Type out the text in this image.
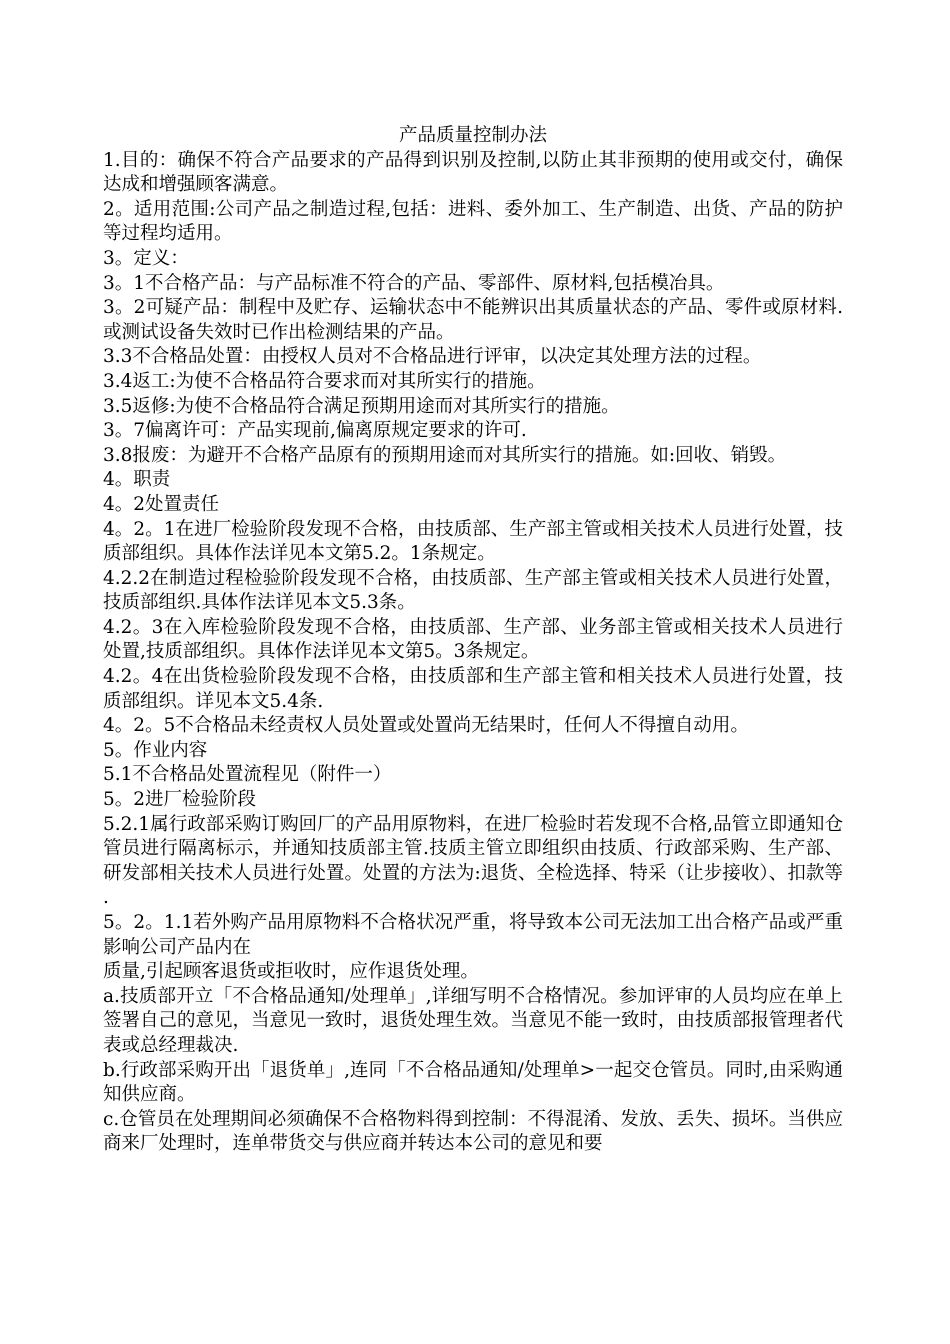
产品质量控制办法

1.目的：确保不符合产品要求的产品得到识别及控制,以防止其非预期的使用或交付，确保达成和增强顾客满意。

2。适用范围:公司产品之制造过程,包括：进料、委外加工、生产制造、出货、产品的防护等过程均适用。

3。定义：

3。1不合格产品：与产品标准不符合的产品、零部件、原材料,包括模冶具。

3。2可疑产品：制程中及贮存、运输状态中不能辨识出其质量状态的产品、零件或原材料.或测试设备失效时已作出检测结果的产品。

3.3不合格品处置：由授权人员对不合格品进行评审，以决定其处理方法的过程。

3.4返工:为使不合格品符合要求而对其所实行的措施。

3.5返修:为使不合格品符合满足预期用途而对其所实行的措施。

3。7偏离许可：产品实现前,偏离原规定要求的许可.

3.8报废：为避开不合格产品原有的预期用途而对其所实行的措施。如:回收、销毁。

4。职责

4。2处置责任

4。2。1在进厂检验阶段发现不合格，由技质部、生产部主管或相关技术人员进行处置，技质部组织。具体作法详见本文第5.2。1条规定。

4.2.2在制造过程检验阶段发现不合格，由技质部、生产部主管或相关技术人员进行处置，技质部组织.具体作法详见本文5.3条。

4.2。3在入库检验阶段发现不合格，由技质部、生产部、业务部主管或相关技术人员进行处置,技质部组织。具体作法详见本文第5。3条规定。

4.2。4在出货检验阶段发现不合格，由技质部和生产部主管和相关技术人员进行处置，技质部组织。详见本文5.4条.

4。2。5不合格品未经责权人员处置或处置尚无结果时，任何人不得擅自动用。

5。作业内容

5.1不合格品处置流程见（附件一）

5。2进厂检验阶段

5.2.1属行政部采购订购回厂的产品用原物料，在进厂检验时若发现不合格,品管立即通知仓管员进行隔离标示，并通知技质部主管.技质主管立即组织由技质、行政部采购、生产部、研发部相关技术人员进行处置。处置的方法为:退货、全检选择、特采（让步接收）、扣款等.

5。2。1.1若外购产品用原物料不合格状况严重，将导致本公司无法加工出合格产品或严重影响公司产品内在

质量,引起顾客退货或拒收时，应作退货处理。

a.技质部开立「不合格品通知/处理单」,详细写明不合格情况。参加评审的人员均应在单上签署自己的意见，当意见一致时，退货处理生效。当意见不能一致时，由技质部报管理者代表或总经理裁决.

b.行政部采购开出「退货单」,连同「不合格品通知/处理单>一起交仓管员。同时,由采购通知供应商。

c.仓管员在处理期间必须确保不合格物料得到控制：不得混淆、发放、丢失、损坏。当供应商来厂处理时，连单带货交与供应商并转达本公司的意见和要
